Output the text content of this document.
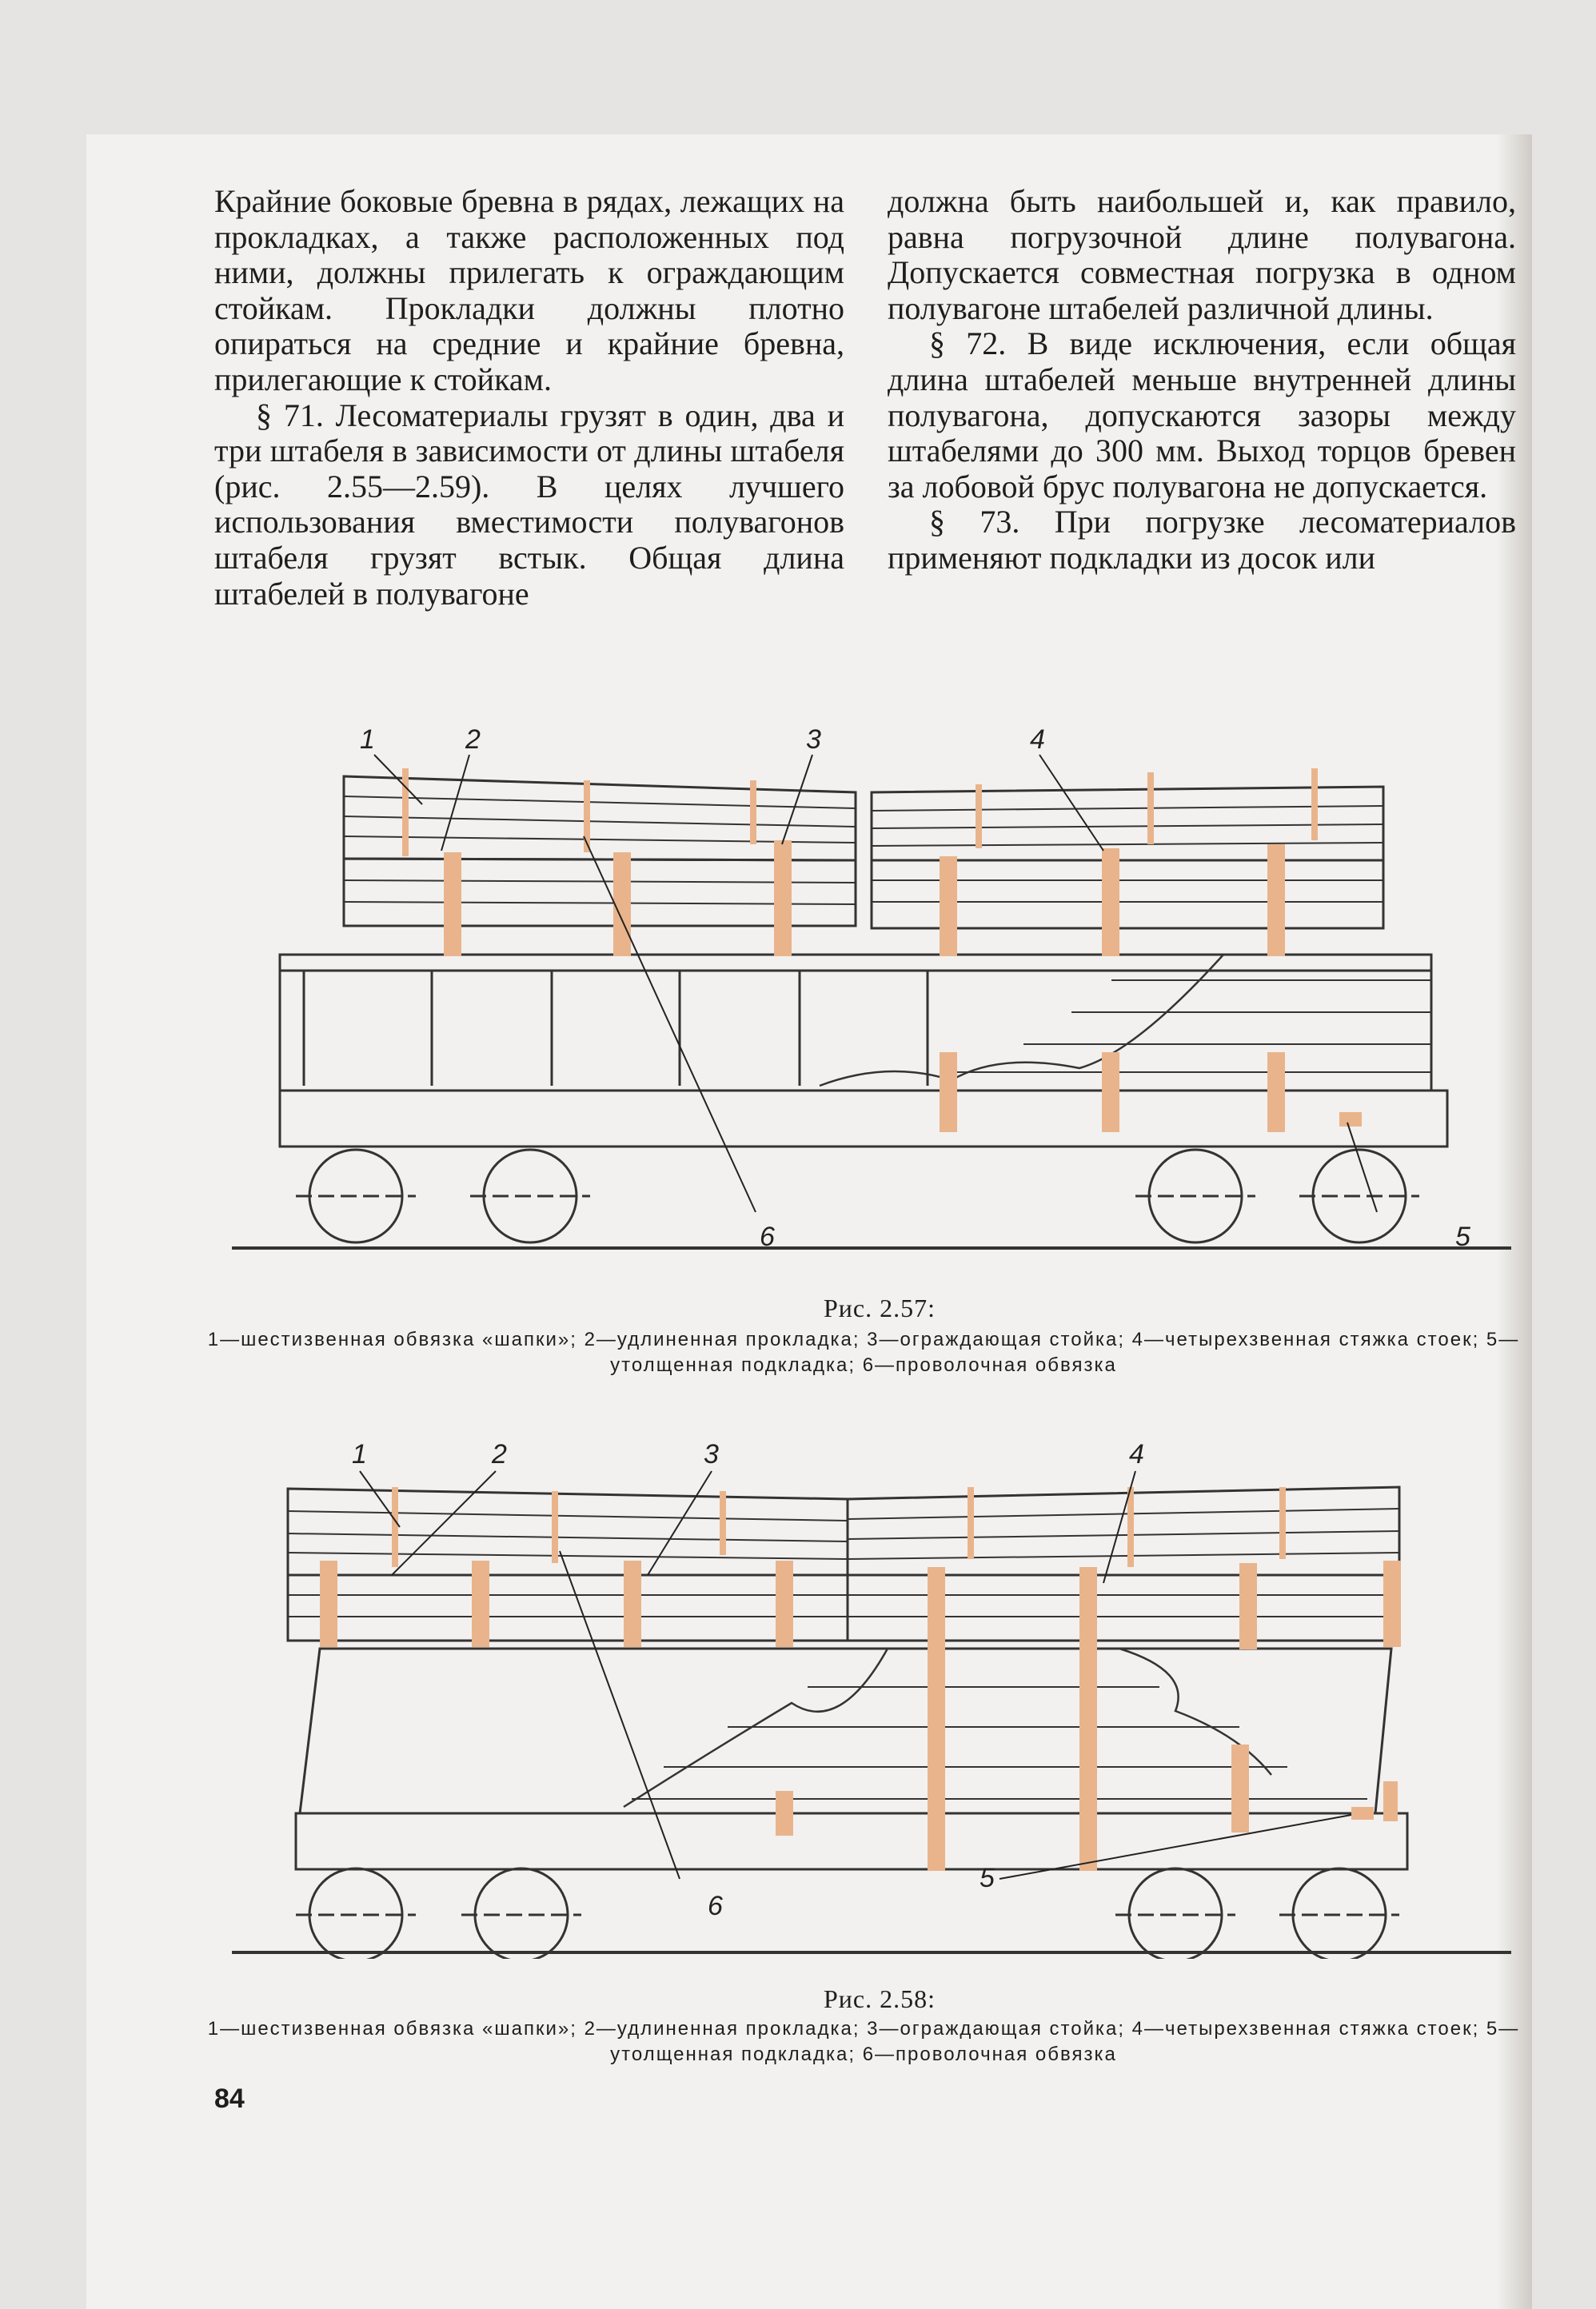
Крайние боковые бревна в рядах, лежащих на прокладках, а также расположенных под ними, должны прилегать к ограждающим стойкам. Прокладки должны плотно опираться на средние и крайние бревна, прилегающие к стойкам.

§ 71. Лесоматериалы грузят в один, два и три штабеля в зависимости от длины штабеля (рис. 2.55—2.59). В целях лучшего использования вместимости полувагонов штабеля грузят встык. Общая длина штабелей в полувагоне

должна быть наибольшей и, как правило, равна погрузочной длине полувагона. Допускается совместная погрузка в одном полувагоне штабелей различной длины.

§ 72. В виде исключения, если общая длина штабелей меньше внутренней длины полувагона, допускаются зазоры между штабелями до 300 мм. Выход торцов бревен за лобовой брус полувагона не допускается.

§ 73. При погрузке лесоматериалов применяют подкладки из досок или

1	2	3	4
5
6
Рис. 2.57:
1—шестизвенная обвязка «шапки»; 2—удлиненная прокладка; 3—ограждающая стойка; 4—четырехзвенная стяжка стоек; 5—утолщенная подкладка; 6—проволочная обвязка
1	2	3	4
5
6
Рис. 2.58:
1—шестизвенная обвязка «шапки»; 2—удлиненная прокладка; 3—ограждающая стойка; 4—четырехзвенная стяжка стоек; 5—утолщенная подкладка; 6—проволочная обвязка
84
